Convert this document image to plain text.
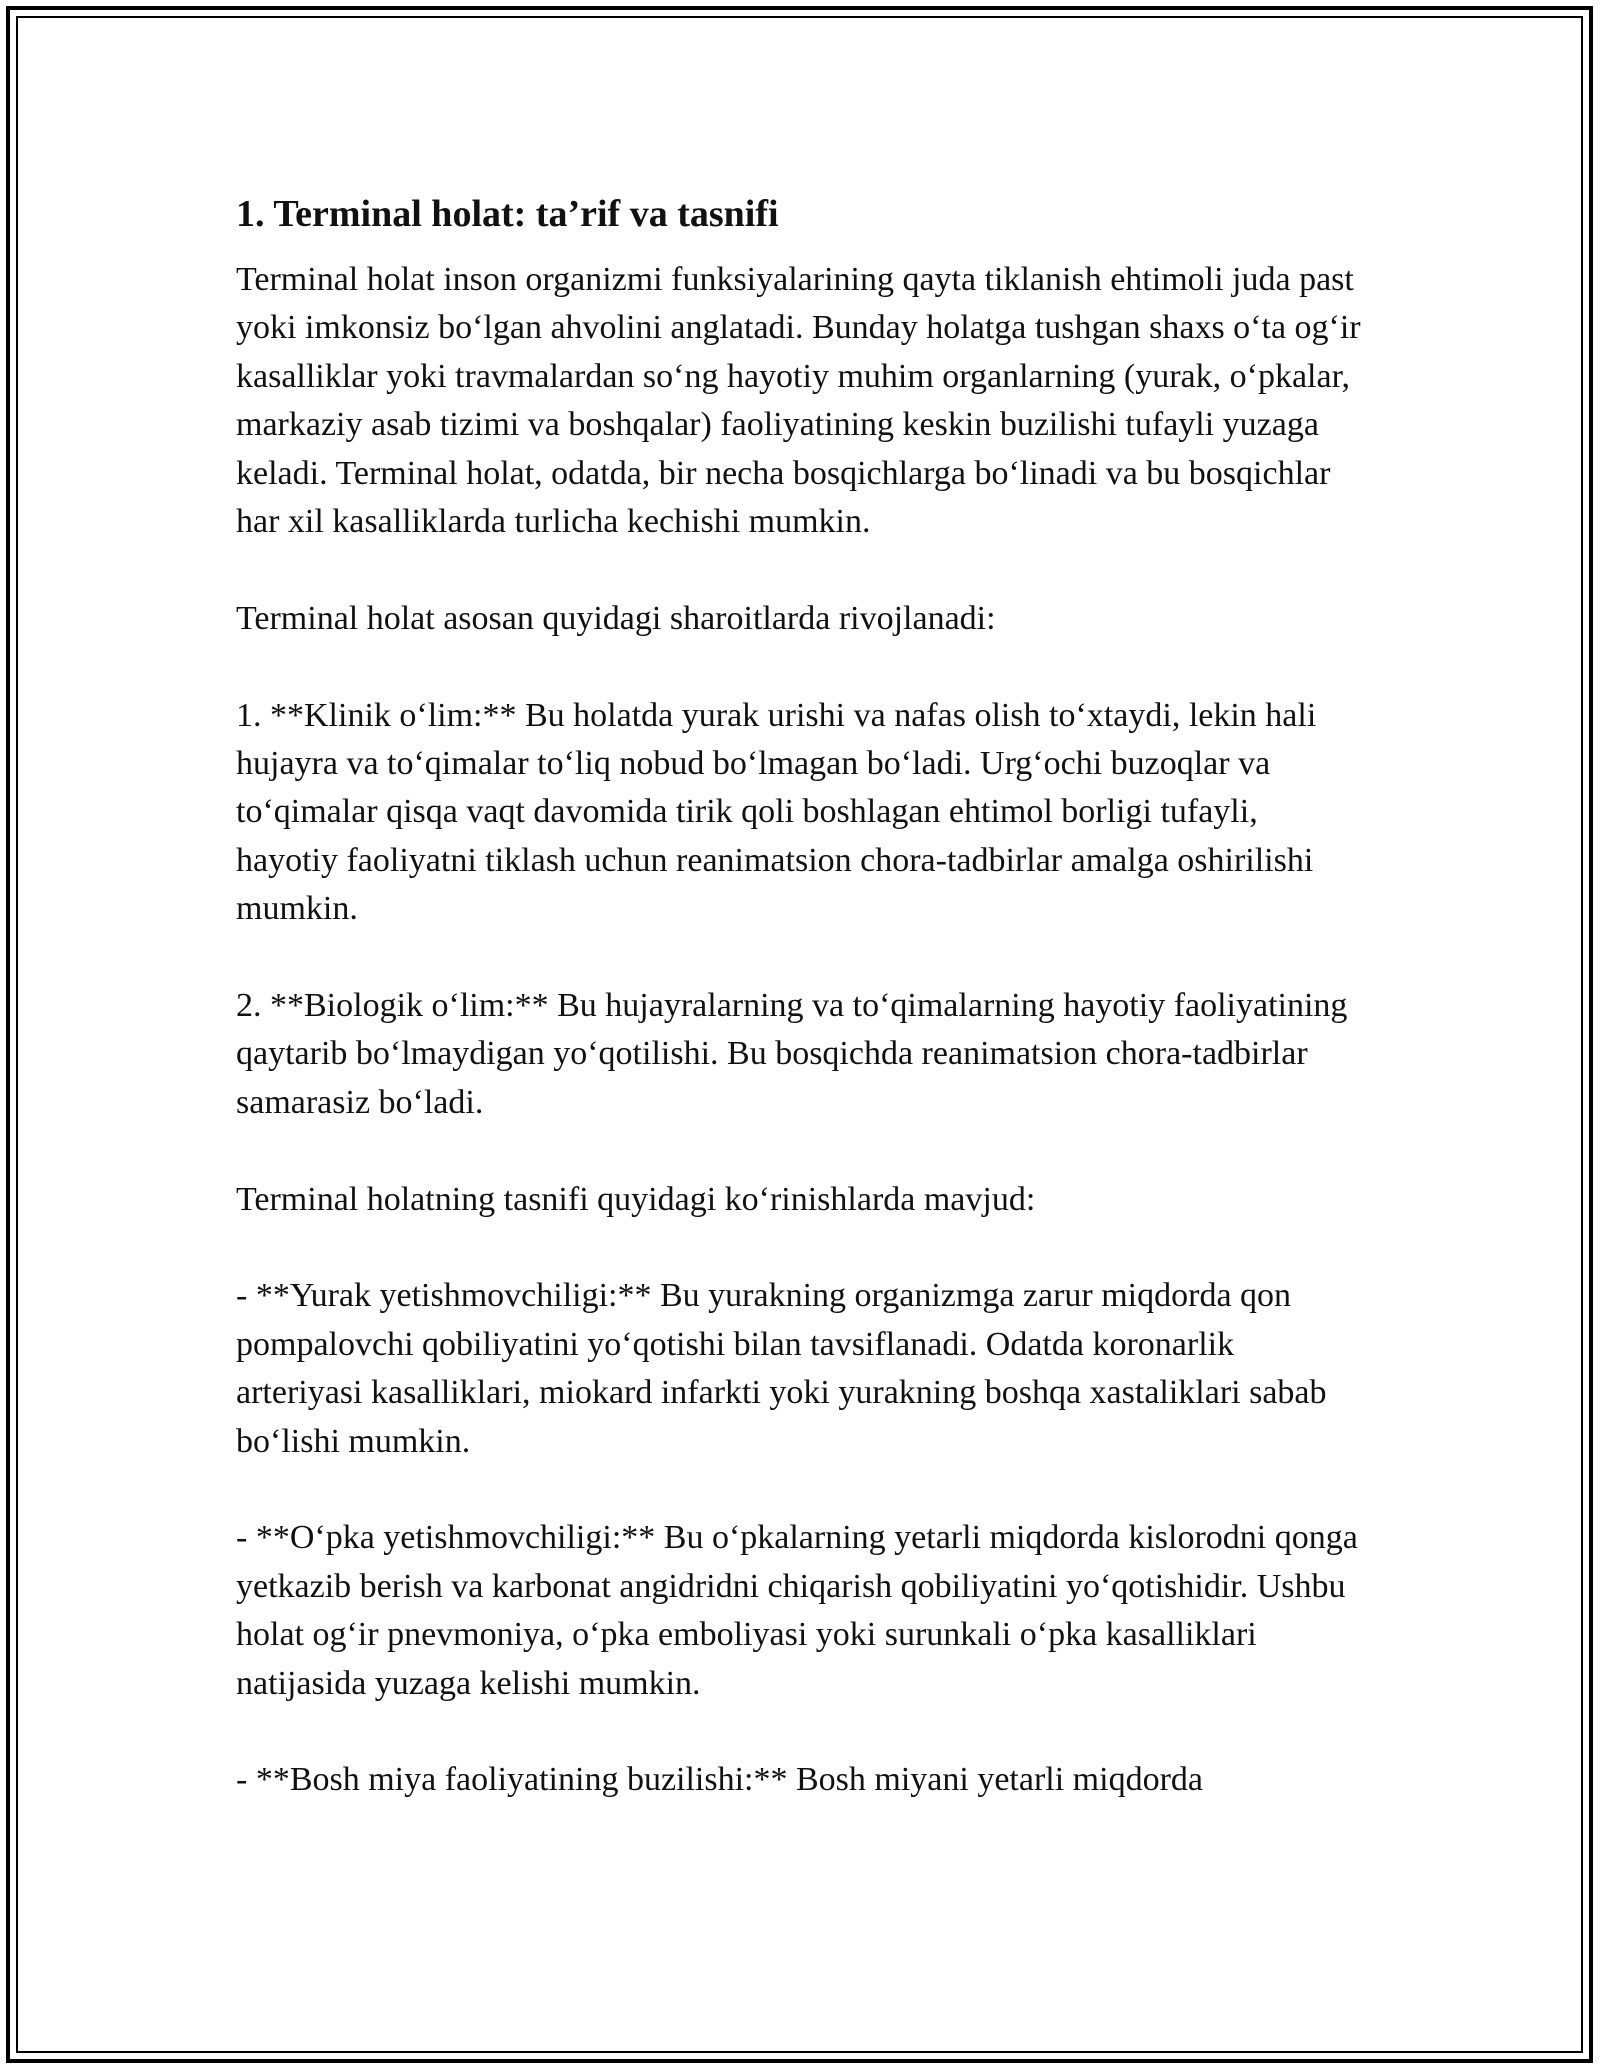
1. Terminal holat: ta’rif va tasnifi

Terminal holat inson organizmi funksiyalarining qayta tiklanish ehtimoli juda past yoki imkonsiz boʻlgan ahvolini anglatadi. Bunday holatga tushgan shaxs oʻta ogʻir kasalliklar yoki travmalardan soʻng hayotiy muhim organlarning (yurak, oʻpkalar, markaziy asab tizimi va boshqalar) faoliyatining keskin buzilishi tufayli yuzaga keladi. Terminal holat, odatda, bir necha bosqichlarga boʻlinadi va bu bosqichlar har xil kasalliklarda turlicha kechishi mumkin.

Terminal holat asosan quyidagi sharoitlarda rivojlanadi:

1. **Klinik oʻlim:** Bu holatda yurak urishi va nafas olish toʻxtaydi, lekin hali hujayra va toʻqimalar toʻliq nobud boʻlmagan boʻladi. Urgʻochi buzoqlar va toʻqimalar qisqa vaqt davomida tirik qoli boshlagan ehtimol borligi tufayli, hayotiy faoliyatni tiklash uchun reanimatsion chora-tadbirlar amalga oshirilishi mumkin.

2. **Biologik oʻlim:** Bu hujayralarning va toʻqimalarning hayotiy faoliyatining qaytarib boʻlmaydigan yoʻqotilishi. Bu bosqichda reanimatsion chora-tadbirlar samarasiz boʻladi.

Terminal holatning tasnifi quyidagi koʻrinishlarda mavjud:

- **Yurak yetishmovchiligi:** Bu yurakning organizmga zarur miqdorda qon pompalovchi qobiliyatini yoʻqotishi bilan tavsiflanadi. Odatda koronarlik arteriyasi kasalliklari, miokard infarkti yoki yurakning boshqa xastaliklari sabab boʻlishi mumkin.

- **Oʻpka yetishmovchiligi:** Bu oʻpkalarning yetarli miqdorda kislorodni qonga yetkazib berish va karbonat angidridni chiqarish qobiliyatini yoʻqotishidir. Ushbu holat ogʻir pnevmoniya, oʻpka emboliyasi yoki surunkali oʻpka kasalliklari natijasida yuzaga kelishi mumkin.

- **Bosh miya faoliyatining buzilishi:** Bosh miyani yetarli miqdorda
